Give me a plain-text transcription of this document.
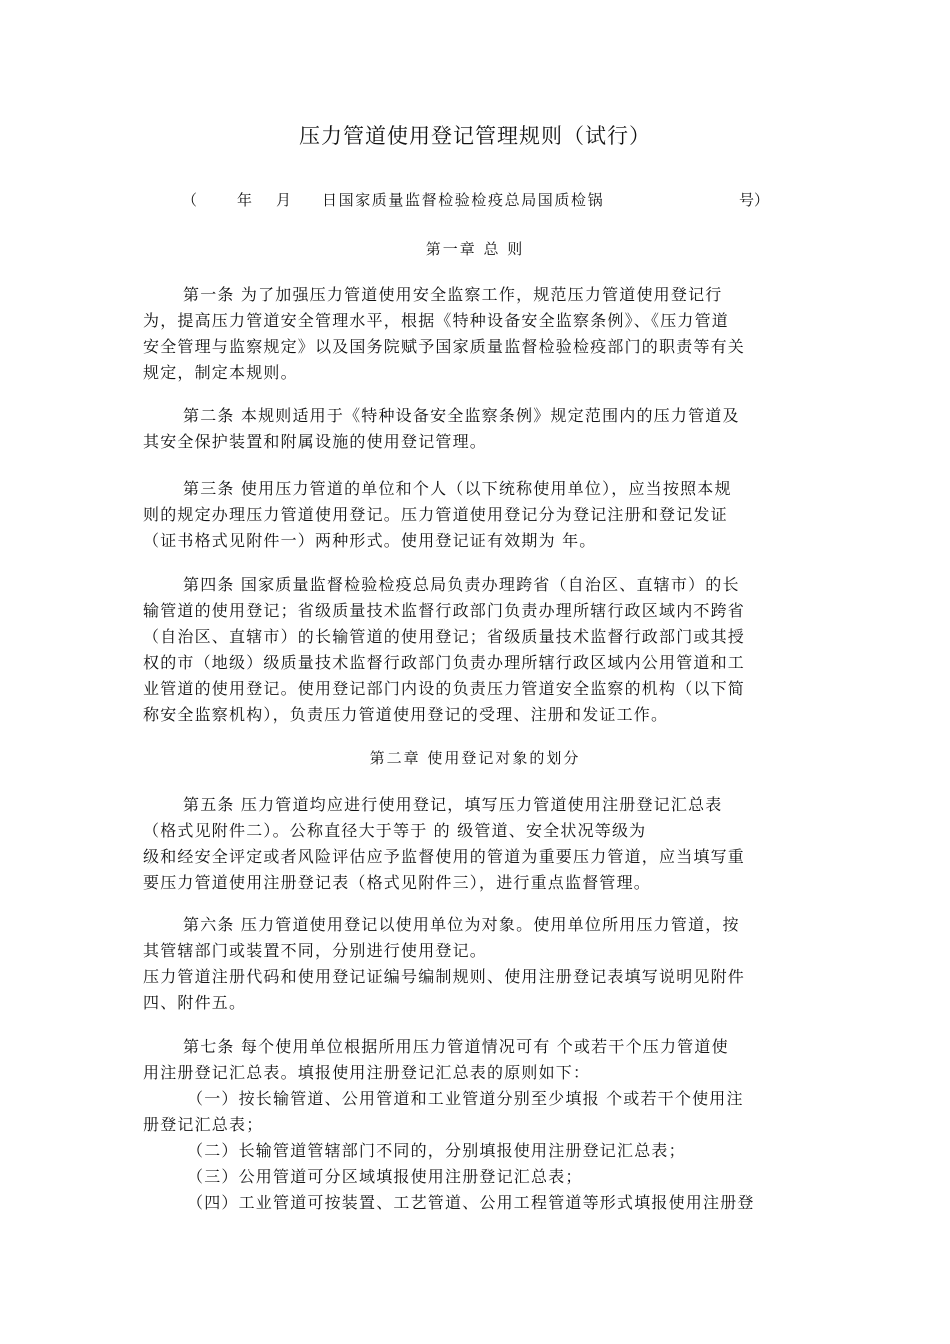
压力管道使用登记管理规则（试行）
（	年 月 日国家质量监督检验检疫总局国质检锅	号）
第一章 总 则
第一条 为了加强压力管道使用安全监察工作，规范压力管道使用登记行
为，提高压力管道安全管理水平，根据《特种设备安全监察条例》、《压力管道
安全管理与监察规定》以及国务院赋予国家质量监督检验检疫部门的职责等有关
规定，制定本规则。
第二条 本规则适用于《特种设备安全监察条例》规定范围内的压力管道及
其安全保护装置和附属设施的使用登记管理。
第三条 使用压力管道的单位和个人（以下统称使用单位），应当按照本规
则的规定办理压力管道使用登记。压力管道使用登记分为登记注册和登记发证
（证书格式见附件一）两种形式。使用登记证有效期为 年。
第四条 国家质量监督检验检疫总局负责办理跨省（自治区、直辖市）的长
输管道的使用登记；省级质量技术监督行政部门负责办理所辖行政区域内不跨省
（自治区、直辖市）的长输管道的使用登记；省级质量技术监督行政部门或其授
权的市（地级）级质量技术监督行政部门负责办理所辖行政区域内公用管道和工
业管道的使用登记。使用登记部门内设的负责压力管道安全监察的机构（以下简
称安全监察机构），负责压力管道使用登记的受理、注册和发证工作。
第二章 使用登记对象的划分
第五条 压力管道均应进行使用登记，填写压力管道使用注册登记汇总表
（格式见附件二）。公称直径大于等于 的 级管道、安全状况等级为
级和经安全评定或者风险评估应予监督使用的管道为重要压力管道，应当填写重
要压力管道使用注册登记表（格式见附件三），进行重点监督管理。
第六条 压力管道使用登记以使用单位为对象。使用单位所用压力管道，按
其管辖部门或装置不同，分别进行使用登记。
压力管道注册代码和使用登记证编号编制规则、使用注册登记表填写说明见附件
四、附件五。
第七条 每个使用单位根据所用压力管道情况可有 个或若干个压力管道使
用注册登记汇总表。填报使用注册登记汇总表的原则如下：
（一）按长输管道、公用管道和工业管道分别至少填报 个或若干个使用注
册登记汇总表；
（二）长输管道管辖部门不同的，分别填报使用注册登记汇总表；
（三）公用管道可分区域填报使用注册登记汇总表；
（四）工业管道可按装置、工艺管道、公用工程管道等形式填报使用注册登
